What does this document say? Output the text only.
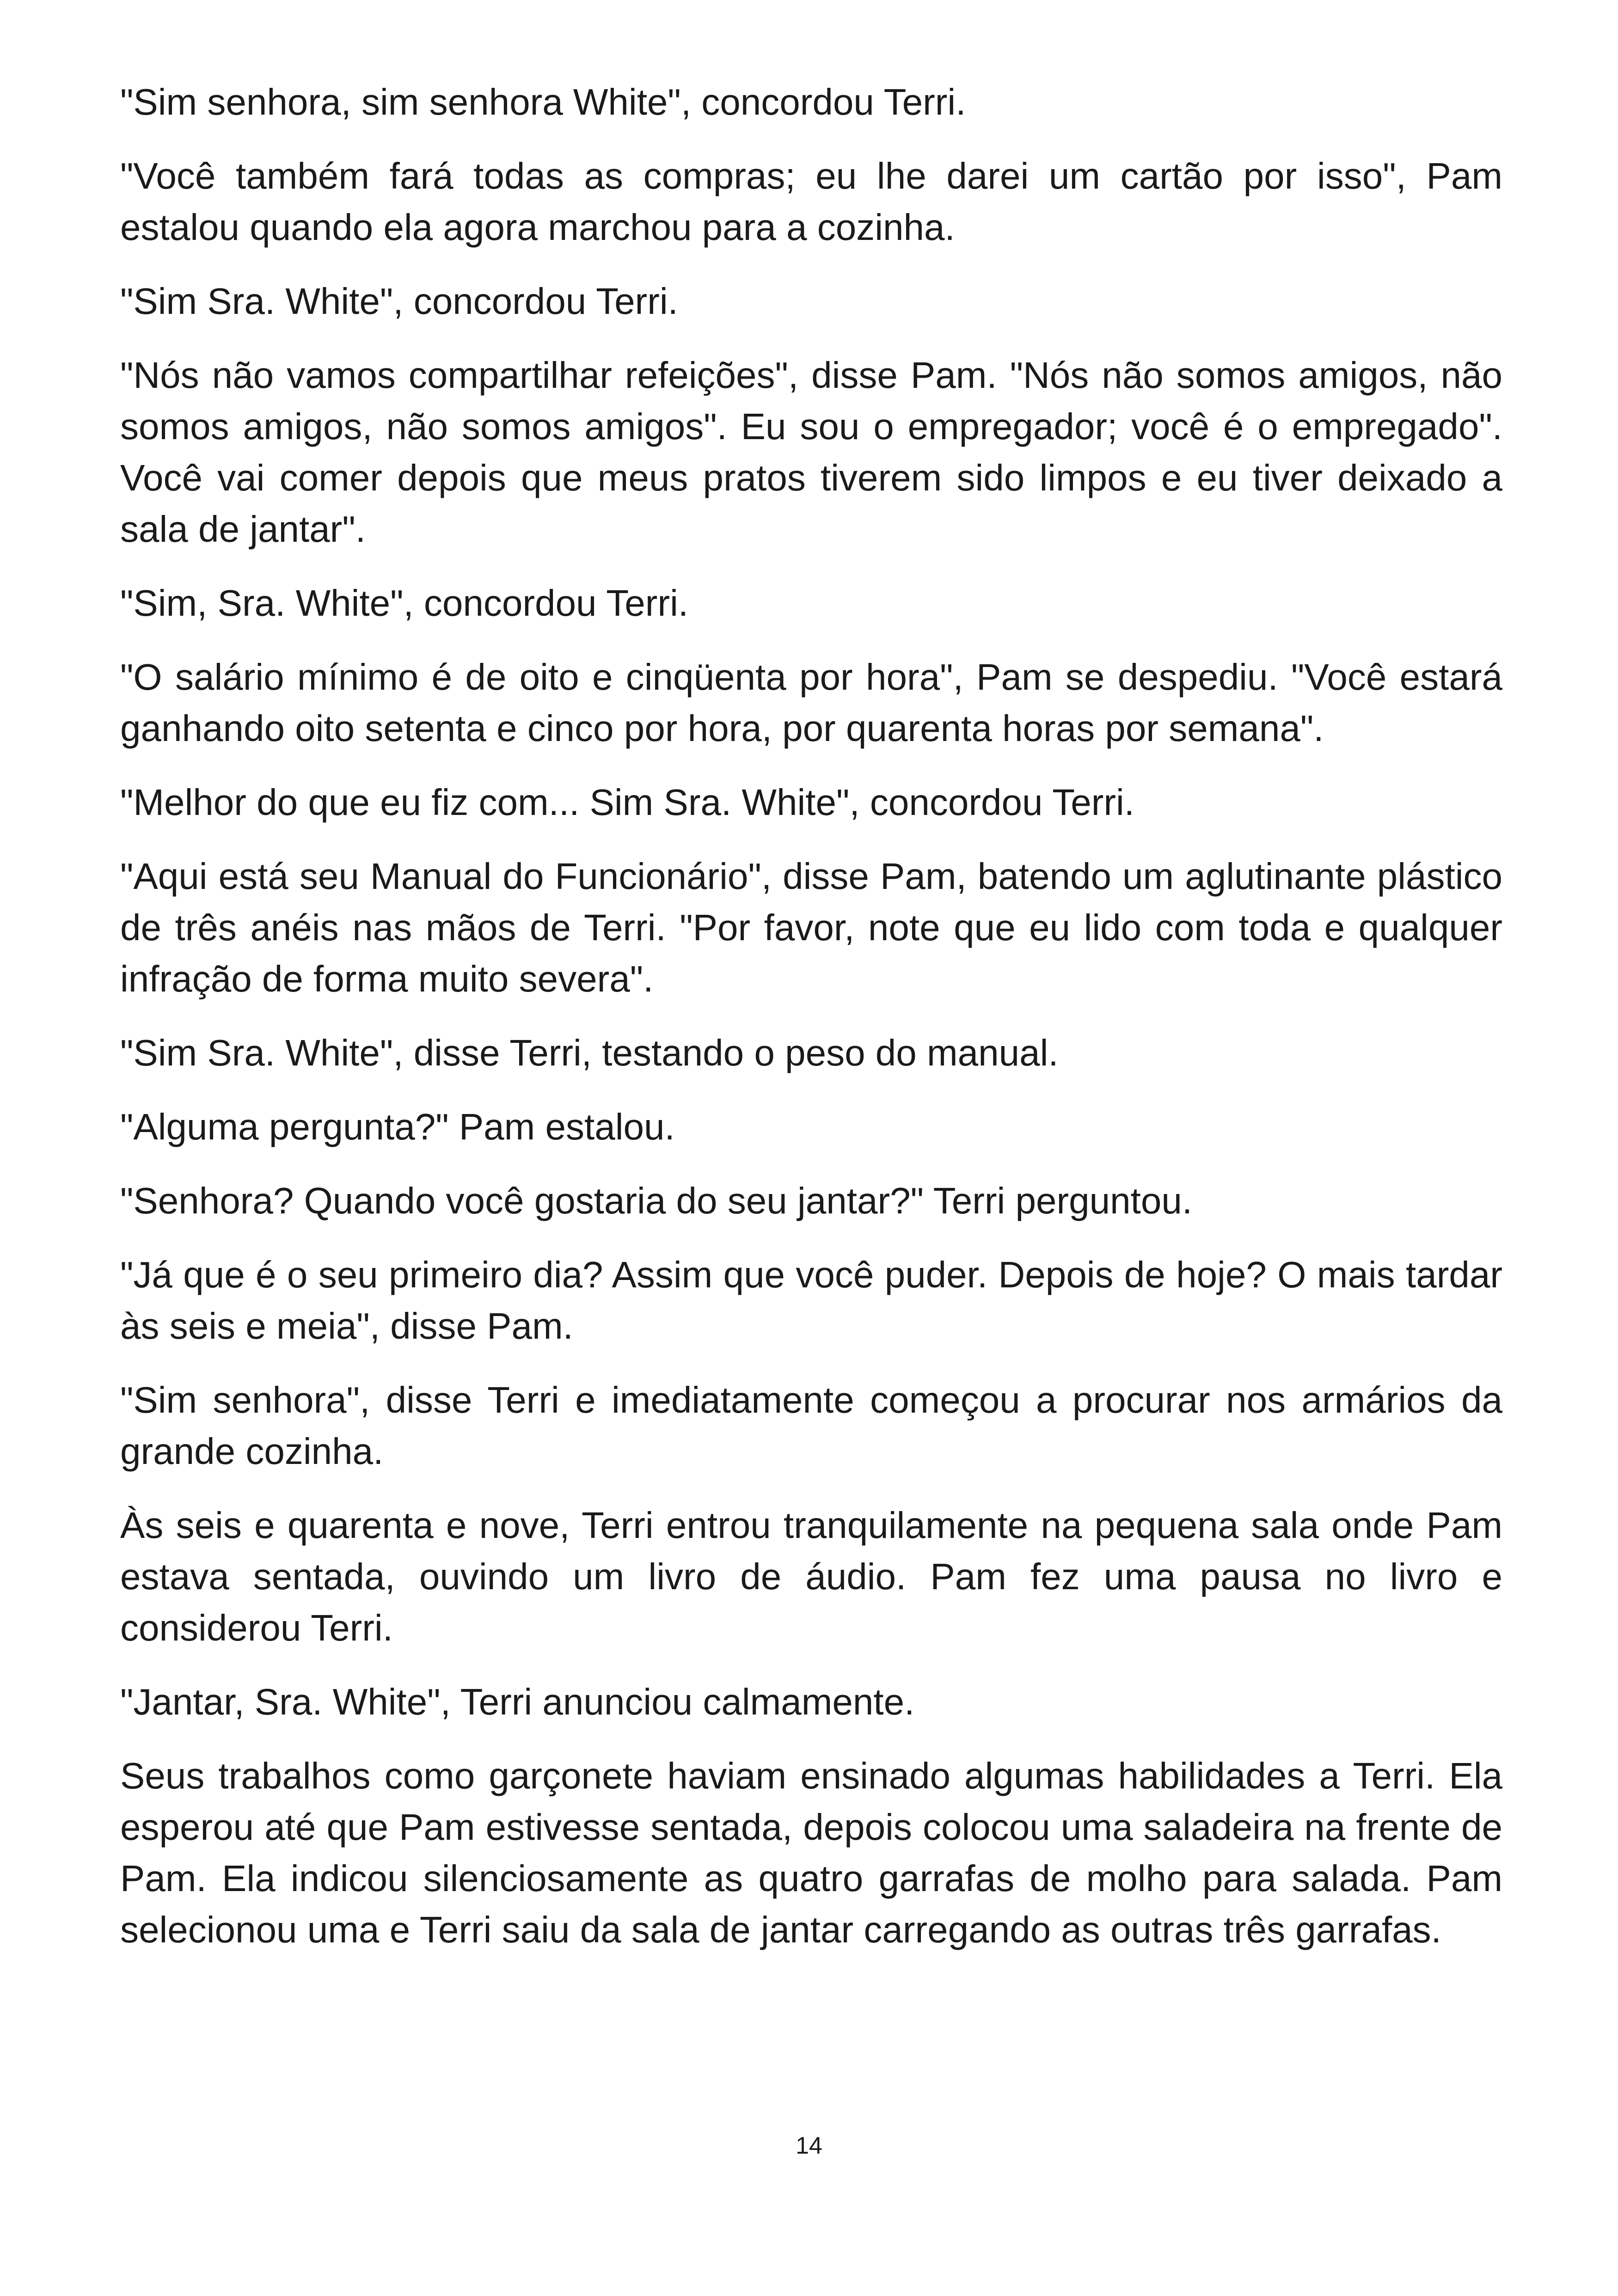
"Sim senhora, sim senhora White", concordou Terri.

"Você também fará todas as compras; eu lhe darei um cartão por isso", Pam estalou quando ela agora marchou para a cozinha.

"Sim Sra. White", concordou Terri.

"Nós não vamos compartilhar refeições", disse Pam. "Nós não somos amigos, não somos amigos, não somos amigos". Eu sou o empregador; você é o empregado". Você vai comer depois que meus pratos tiverem sido limpos e eu tiver deixado a sala de jantar".

"Sim, Sra. White", concordou Terri.

"O salário mínimo é de oito e cinqüenta por hora", Pam se despediu. "Você estará ganhando oito setenta e cinco por hora, por quarenta horas por semana".

"Melhor do que eu fiz com... Sim Sra. White", concordou Terri.

"Aqui está seu Manual do Funcionário", disse Pam, batendo um aglutinante plástico de três anéis nas mãos de Terri. "Por favor, note que eu lido com toda e qualquer infração de forma muito severa".

"Sim Sra. White", disse Terri, testando o peso do manual.

"Alguma pergunta?" Pam estalou.

"Senhora? Quando você gostaria do seu jantar?" Terri perguntou.

"Já que é o seu primeiro dia? Assim que você puder. Depois de hoje? O mais tardar às seis e meia", disse Pam.

"Sim senhora", disse Terri e imediatamente começou a procurar nos armários da grande cozinha.

Às seis e quarenta e nove, Terri entrou tranquilamente na pequena sala onde Pam estava sentada, ouvindo um livro de áudio. Pam fez uma pausa no livro e considerou Terri.

"Jantar, Sra. White", Terri anunciou calmamente.

Seus trabalhos como garçonete haviam ensinado algumas habilidades a Terri. Ela esperou até que Pam estivesse sentada, depois colocou uma saladeira na frente de Pam. Ela indicou silenciosamente as quatro garrafas de molho para salada. Pam selecionou uma e Terri saiu da sala de jantar carregando as outras três garrafas.

14
